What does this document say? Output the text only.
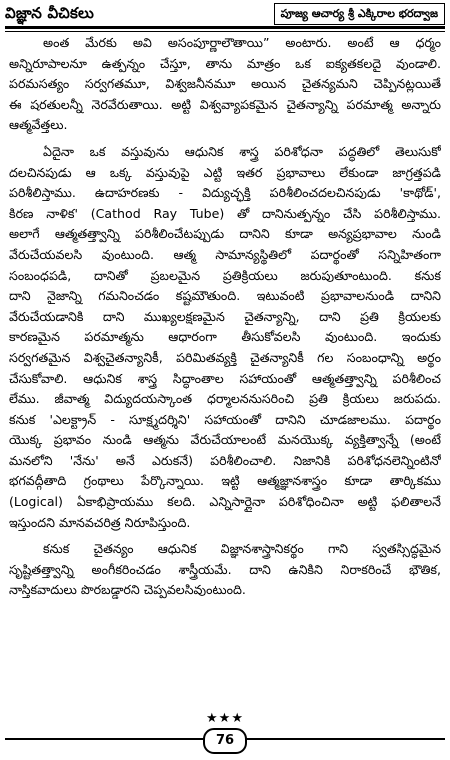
విజ్ఞాన వీచికలు	పూజ్య ఆచార్య శ్రీ ఎక్కిరాల భరద్వాజ
అంత మేరకు అవి అసంపూర్ణాలౌతాయి” అంటారు. అంటే ఆ ధర్మం
అన్నిరూపాలనూ ఉత్పన్నం చేస్తూ, తాను మాత్రం ఒక ఐక్యతకలదై వుండాలి.
పరమసత్యం సర్వగతమూ, విశ్వజనీనమూ అయిన చైతన్యమని చెప్పినట్లయితే
ఈ షరతులన్నీ నెరవేరుతాయి. అట్టి విశ్వవ్యాపకమైన చైతన్యాన్ని పరమాత్మ అన్నారు
ఆత్మవేత్తలు.
ఏదైనా ఒక వస్తువును ఆధునిక శాస్త్ర పరిశోధనా పద్ధతిలో తెలుసుకో
దలచినపుడు ఆ ఒక్క వస్తువుపై ఎట్టి ఇతర ప్రభావాలు లేకుండా జాగ్రత్తపడి
పరిశీలిస్తాము. ఉదాహరణకు - విద్యుచ్ఛక్తి పరిశీలించదలచినపుడు 'కాథోడ్',
కిరణ నాళిక' (Cathod Ray Tube) తో దానినుత్పన్నం చేసి పరిశీలిస్తాము.
అలాగే ఆత్మతత్త్వాన్ని పరిశీలించేటప్పుడు దానిని కూడా అన్యప్రభావాల నుండి
వేరుచేయవలసి వుంటుంది. ఆత్మ సామాన్యస్థితిలో పదార్థంతో సన్నిహితంగా
సంబంధపడి, దానితో ప్రబలమైన ప్రతిక్రియలు జరుపుతూంటుంది. కనుక
దాని నైజాన్ని గమనించడం కష్టమౌతుంది. ఇటువంటి ప్రభావాలనుండి దానిని
వేరుచేయడానికి దాని ముఖ్యలక్షణమైన చైతన్యాన్ని, దాని ప్రతి క్రియలకు
కారణమైన పరమాత్మను ఆధారంగా తీసుకోవలసి వుంటుంది. ఇందుకు
సర్వగతమైన విశ్వచైతన్యానికీ, పరిమితవ్యక్తి చైతన్యానికీ గల సంబంధాన్ని అర్థం
చేసుకోవాలి. ఆధునిక శాస్త్ర సిద్ధాంతాల సహాయంతో ఆత్మతత్త్వాన్ని పరిశీలించ
లేము. జీవాత్మ విద్యుదయస్కాంత ధర్మాలననుసరించి ప్రతి క్రియలు జరుపదు.
కనుక 'ఎలక్ట్రాన్ - సూక్ష్మదర్శిని' సహాయంతో దానిని చూడజాలము. పదార్థం
యొక్క ప్రభావం నుండి ఆత్మను వేరుచేయాలంటే మనయొక్క వ్యక్తిత్వాన్నే (అంటే
మనలోని 'నేను' అనే ఎరుకనే) పరిశీలించాలి. నిజానికి పరిశోధనలెన్నింటినో
భగవద్గీతాది గ్రంథాలు పేర్కొన్నాయి. ఇట్టి ఆత్మజ్ఞానశాస్త్రం కూడా తార్కికము
(Logical) ఏకాభిప్రాయము కలది. ఎన్నిసార్లైనా పరిశోధించినా అట్టి ఫలితాలనే
ఇస్తుందని మానవచరిత్ర నిరూపిస్తుంది.
కనుక చైతన్యం ఆధునిక విజ్ఞానశాస్త్రానికర్థం గాని స్వతస్సిద్ధమైన
సృష్టితత్త్వాన్ని అంగీకరించడం శాస్త్రీయమే. దాని ఉనికిని నిరాకరించే భౌతిక,
నాస్తికవాదులు పొరబడ్డారని చెప్పవలసివుంటుంది.
★★★
76
